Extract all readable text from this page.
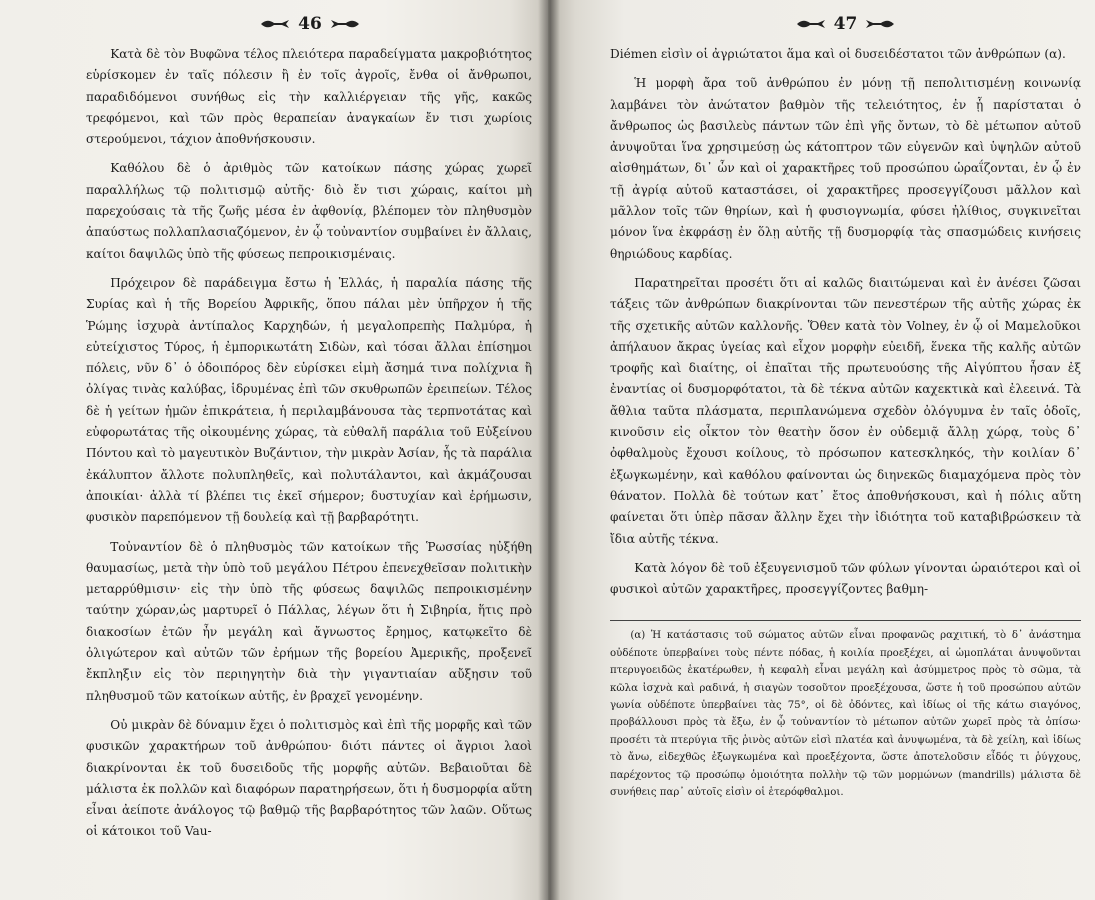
46

Κατὰ δὲ τὸν Βυφῶνα τέλος πλειότερα παραδείγματα μακροβιότητος εὑρίσκομεν ἐν ταῖς πόλεσιν ἢ ἐν τοῖς ἀγροῖς, ἔνθα οἱ ἄνθρωποι, παραδιδόμενοι συνήθως εἰς τὴν καλλιέργειαν τῆς γῆς, κακῶς τρεφόμενοι, καὶ τῶν πρὸς θεραπείαν ἀναγκαίων ἔν τισι χωρίοις στερούμενοι, τάχιον ἀποθνήσκουσιν.

Καθόλου δὲ ὁ ἀριθμὸς τῶν κατοίκων πάσης χώρας χωρεῖ παραλλήλως τῷ πολιτισμῷ αὐτῆς· διὸ ἔν τισι χώραις, καίτοι μὴ παρεχούσαις τὰ τῆς ζωῆς μέσα ἐν ἀφθονίᾳ, βλέπομεν τὸν πληθυσμὸν ἀπαύστως πολλαπλασιαζόμενον, ἐν ᾧ τοὐναντίον συμβαίνει ἐν ἄλλαις, καίτοι δαψιλῶς ὑπὸ τῆς φύσεως πεπροικισμέναις.

Πρόχειρον δὲ παράδειγμα ἔστω ἡ Ἑλλάς, ἡ παραλία πάσης τῆς Συρίας καὶ ἡ τῆς Βορείου Ἀφρικῆς, ὅπου πάλαι μὲν ὑπῆρχον ἡ τῆς Ῥώμης ἰσχυρὰ ἀντίπαλος Καρχηδών, ἡ μεγαλοπρεπὴς Παλμύρα, ἡ εὐτείχιστος Τύρος, ἡ ἐμπορικωτάτη Σιδὼν, καὶ τόσαι ἄλλαι ἐπίσημοι πόλεις, νῦν δ᾽ ὁ ὁδοιπόρος δὲν εὑρίσκει εἰμὴ ἄσημά τινα πολίχνια ἢ ὀλίγας τινὰς καλύβας, ἱδρυμένας ἐπὶ τῶν σκυθρωπῶν ἐρειπείων. Τέλος δὲ ἡ γείτων ἡμῶν ἐπικράτεια, ἡ περιλαμβάνουσα τὰς τερπνοτάτας καὶ εὐφορωτάτας τῆς οἰκουμένης χώρας, τὰ εὐθαλῆ παράλια τοῦ Εὐξείνου Πόντου καὶ τὸ μαγευτικὸν Βυζάντιον, τὴν μικρὰν Ἀσίαν, ἧς τὰ παράλια ἐκάλυπτον ἄλλοτε πολυπληθεῖς, καὶ πολυτάλαντοι, καὶ ἀκμάζουσαι ἀποικίαι· ἀλλὰ τί βλέπει τις ἐκεῖ σήμερον; δυστυχίαν καὶ ἐρήμωσιν, φυσικὸν παρεπόμενον τῇ δουλείᾳ καὶ τῇ βαρβαρότητι.

Τοὐναντίον δὲ ὁ πληθυσμὸς τῶν κατοίκων τῆς Ῥωσσίας ηὐξήθη θαυμασίως, μετὰ τὴν ὑπὸ τοῦ μεγάλου Πέτρου ἐπενεχθεῖσαν πολιτικὴν μεταρρύθμισιν· εἰς τὴν ὑπὸ τῆς φύσεως δαψιλῶς πεπροικισμένην ταύτην χώραν,ὡς μαρτυρεῖ ὁ Πάλλας, λέγων ὅτι ἡ Σιβηρία, ἥτις πρὸ διακοσίων ἐτῶν ἦν μεγάλη καὶ ἄγνωστος ἔρημος, κατῳκεῖτο δὲ ὀλιγώτερον καὶ αὐτῶν τῶν ἐρήμων τῆς βορείου Ἀμερικῆς, προξενεῖ ἔκπληξιν εἰς τὸν περιηγητὴν διὰ τὴν γιγαντιαίαν αὔξησιν τοῦ πληθυσμοῦ τῶν κατοίκων αὐτῆς, ἐν βραχεῖ γενομένην.

Οὐ μικρὰν δὲ δύναμιν ἔχει ὁ πολιτισμὸς καὶ ἐπὶ τῆς μορφῆς καὶ τῶν φυσικῶν χαρακτήρων τοῦ ἀνθρώπου· διότι πάντες οἱ ἄγριοι λαοὶ διακρίνονται ἐκ τοῦ δυσειδοῦς τῆς μορφῆς αὐτῶν. Βεβαιοῦται δὲ μάλιστα ἐκ πολλῶν καὶ διαφόρων παρατηρήσεων, ὅτι ἡ δυσμορφία αὕτη εἶναι ἀείποτε ἀνάλογος τῷ βαθμῷ τῆς βαρβαρότητος τῶν λαῶν. Οὕτως οἱ κάτοικοι τοῦ Vau-

47

Diémen εἰσὶν οἱ ἀγριώτατοι ἅμα καὶ οἱ δυσειδέστατοι τῶν ἀνθρώπων (α).

Ἡ μορφὴ ἄρα τοῦ ἀνθρώπου ἐν μόνῃ τῇ πεπολιτισμένῃ κοινωνίᾳ λαμβάνει τὸν ἀνώτατον βαθμὸν τῆς τελειότητος, ἐν ᾗ παρίσταται ὁ ἄνθρωπος ὡς βασιλεὺς πάντων τῶν ἐπὶ γῆς ὄντων, τὸ δὲ μέτωπον αὐτοῦ ἀνυψοῦται ἵνα χρησιμεύσῃ ὡς κάτοπτρον τῶν εὐγενῶν καὶ ὑψηλῶν αὐτοῦ αἰσθημάτων, δι᾽ ὧν καὶ οἱ χαρακτῆρες τοῦ προσώπου ὡραΐζονται, ἐν ᾧ ἐν τῇ ἀγρίᾳ αὐτοῦ καταστάσει, οἱ χαρακτῆρες προσεγγίζουσι μᾶλλον καὶ μᾶλλον τοῖς τῶν θηρίων, καὶ ἡ φυσιογνωμία, φύσει ἠλίθιος, συγκινεῖται μόνον ἵνα ἐκφράσῃ ἐν ὅλῃ αὐτῆς τῇ δυσμορφίᾳ τὰς σπασμώδεις κινήσεις θηριώδους καρδίας.

Παρατηρεῖται προσέτι ὅτι αἱ καλῶς διαιτώμεναι καὶ ἐν ἀνέσει ζῶσαι τάξεις τῶν ἀνθρώπων διακρίνονται τῶν πενεστέρων τῆς αὐτῆς χώρας ἐκ τῆς σχετικῆς αὐτῶν καλλονῆς. Ὅθεν κατὰ τὸν Volney, ἐν ᾧ οἱ Μαμελοῦκοι ἀπήλαυον ἄκρας ὑγείας καὶ εἶχον μορφὴν εὐειδῆ, ἕνεκα τῆς καλῆς αὐτῶν τροφῆς καὶ διαίτης, οἱ ἐπαῖται τῆς πρωτευούσης τῆς Αἰγύπτου ἦσαν ἐξ ἐναντίας οἱ δυσμορφότατοι, τὰ δὲ τέκνα αὐτῶν καχεκτικὰ καὶ ἐλεεινά. Τὰ ἄθλια ταῦτα πλάσματα, περιπλανώμενα σχεδὸν ὀλόγυμνα ἐν ταῖς ὁδοῖς, κινοῦσιν εἰς οἶκτον τὸν θεατὴν ὅσον ἐν οὐδεμιᾷ ἄλλῃ χώρᾳ, τοὺς δ᾽ ὀφθαλμοὺς ἔχουσι κοίλους, τὸ πρόσωπον κατεσκληκός, τὴν κοιλίαν δ᾽ ἐξωγκωμένην, καὶ καθόλου φαίνονται ὡς διηνεκῶς διαμαχόμενα πρὸς τὸν θάνατον. Πολλὰ δὲ τούτων κατ᾽ ἔτος ἀποθνήσκουσι, καὶ ἡ πόλις αὕτη φαίνεται ὅτι ὑπὲρ πᾶσαν ἄλλην ἔχει τὴν ἰδιότητα τοῦ καταβιβρώσκειν τὰ ἴδια αὐτῆς τέκνα.

Κατὰ λόγον δὲ τοῦ ἐξευγενισμοῦ τῶν φύλων γίνονται ὡραιότεροι καὶ οἱ φυσικοὶ αὐτῶν χαρακτῆρες, προσεγγίζοντες βαθμη-

(α) Ἡ κατάστασις τοῦ σώματος αὐτῶν εἶναι προφανῶς ραχιτική, τὸ δ᾽ ἀνάστημα οὐδέποτε ὑπερβαίνει τοὺς πέντε πόδας, ἡ κοιλία προεξέχει, αἱ ὠμοπλάται ἀνυψοῦνται πτερυγοειδῶς ἑκατέρωθεν, ἡ κεφαλὴ εἶναι μεγάλη καὶ ἀσύμμετρος πρὸς τὸ σῶμα, τὰ κῶλα ἰσχνὰ καὶ ραδινά, ἡ σιαγὼν τοσοῦτον προεξέχουσα, ὥστε ἡ τοῦ προσώπου αὐτῶν γωνία οὐδέποτε ὑπερβαίνει τὰς 75°, οἱ δὲ ὀδόντες, καὶ ἰδίως οἱ τῆς κάτω σιαγόνος, προβάλλουσι πρὸς τὰ ἔξω, ἐν ᾧ τοὐναντίον τὸ μέτωπον αὐτῶν χωρεῖ πρὸς τὰ ὀπίσω· προσέτι τὰ πτερύγια τῆς ῥινὸς αὐτῶν εἰσὶ πλατέα καὶ ἀνυψωμένα, τὰ δὲ χείλη, καὶ ἰδίως τὸ ἄνω, εἰδεχθῶς ἐξωγκωμένα καὶ προεξέχοντα, ὥστε ἀποτελοῦσιν εἶδός τι ῥύγχους, παρέχοντος τῷ προσώπῳ ὁμοιότητα πολλὴν τῷ τῶν μορμώνων (mandrills) μάλιστα δὲ συνήθεις παρ᾽ αὐτοῖς εἰσὶν οἱ ἑτερόφθαλμοι.
